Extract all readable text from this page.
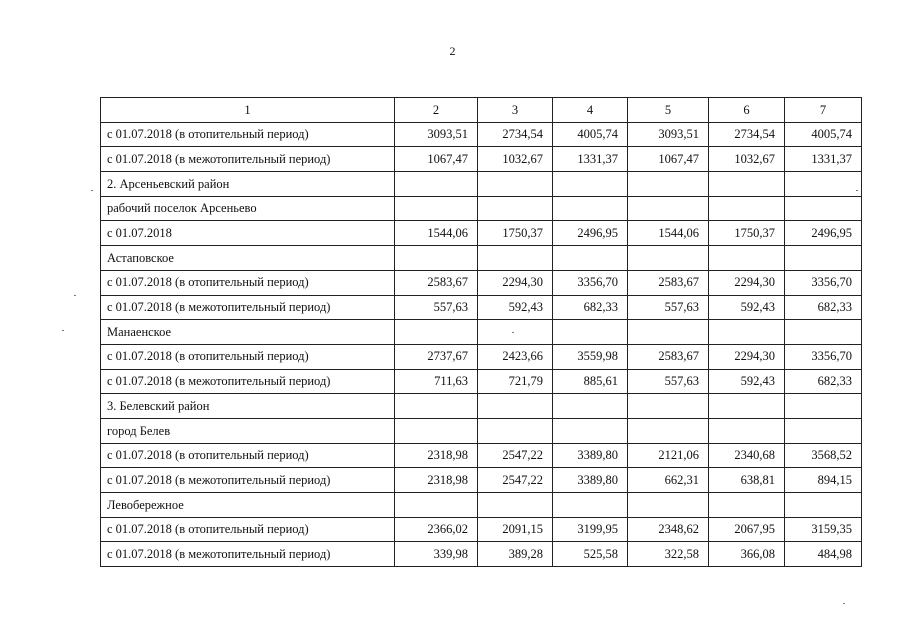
2
1	2	3	4	5	6	7
с 01.07.2018 (в отопительный период)	3093,51	2734,54	4005,74	3093,51	2734,54	4005,74
с 01.07.2018 (в межотопительный период)	1067,47	1032,67	1331,37	1067,47	1032,67	1331,37
2. Арсеньевский район						
рабочий поселок Арсеньево						
с 01.07.2018	1544,06	1750,37	2496,95	1544,06	1750,37	2496,95
Астаповское						
с 01.07.2018 (в отопительный период)	2583,67	2294,30	3356,70	2583,67	2294,30	3356,70
с 01.07.2018 (в межотопительный период)	557,63	592,43	682,33	557,63	592,43	682,33
Манаенское						
с 01.07.2018 (в отопительный период)	2737,67	2423,66	3559,98	2583,67	2294,30	3356,70
с 01.07.2018 (в межотопительный период)	711,63	721,79	885,61	557,63	592,43	682,33
3. Белевский район						
город Белев						
с 01.07.2018 (в отопительный период)	2318,98	2547,22	3389,80	2121,06	2340,68	3568,52
с 01.07.2018 (в межотопительный период)	2318,98	2547,22	3389,80	662,31	638,81	894,15
Левобережное						
с 01.07.2018 (в отопительный период)	2366,02	2091,15	3199,95	2348,62	2067,95	3159,35
с 01.07.2018 (в межотопительный период)	339,98	389,28	525,58	322,58	366,08	484,98
